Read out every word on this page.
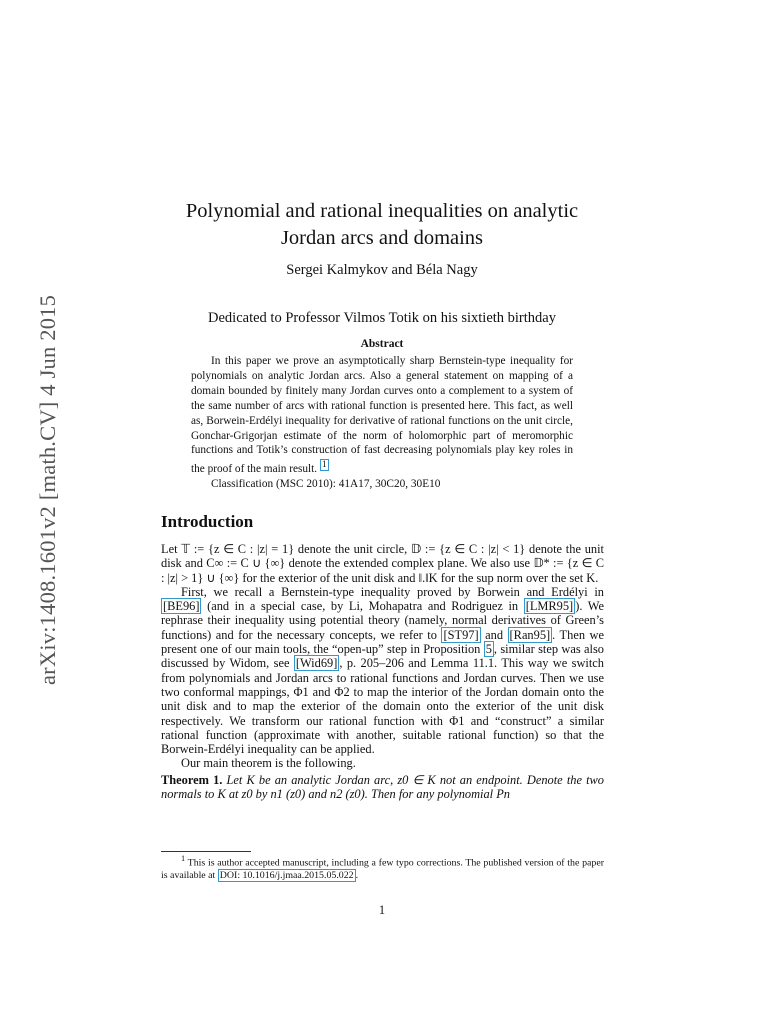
arXiv:1408.1601v2 [math.CV] 4 Jun 2015
Polynomial and rational inequalities on analytic
Jordan arcs and domains
Sergei Kalmykov and Béla Nagy
Dedicated to Professor Vilmos Totik on his sixtieth birthday
Abstract

In this paper we prove an asymptotically sharp Bernstein-type inequality for polynomials on analytic Jordan arcs. Also a general statement on mapping of a domain bounded by finitely many Jordan curves onto a complement to a system of the same number of arcs with rational function is presented here. This fact, as well as, Borwein-Erdélyi inequality for derivative of rational functions on the unit circle, Gonchar-Grigorjan estimate of the norm of holomorphic part of meromorphic functions and Totik’s construction of fast decreasing polynomials play key roles in the proof of the main result. $^1$

Classification (MSC 2010): 41A17, 30C20, 30E10

Introduction

Let 𝕋 := {z ∈ C : |z| = 1} denote the unit circle, 𝔻 := {z ∈ C : |z| < 1} denote the unit disk and C∞ := C ∪ {∞} denote the extended complex plane. We also use 𝔻* := {z ∈ C : |z| > 1} ∪ {∞} for the exterior of the unit disk and ‖.‖K for the sup norm over the set K.

First, we recall a Bernstein-type inequality proved by Borwein and Erdélyi in [BE96] (and in a special case, by Li, Mohapatra and Rodriguez in [LMR95] ). We rephrase their inequality using potential theory (namely, normal derivatives of Green’s functions) and for the necessary concepts, we refer to [ST97] and [Ran95] . Then we present one of our main tools, the “open-up” step in Proposition 5 , similar step was also discussed by Widom, see [Wid69] , p. 205–206 and Lemma 11.1. This way we switch from polynomials and Jordan arcs to rational functions and Jordan curves. Then we use two conformal mappings, Φ1 and Φ2 to map the interior of the Jordan domain onto the unit disk and to map the exterior of the domain onto the exterior of the unit disk respectively. We transform our rational function with Φ1 and “construct” a similar rational function (approximate with another, suitable rational function) so that the Borwein-Erdélyi inequality can be applied.

Our main theorem is the following.

Theorem 1. Let K be an analytic Jordan arc, z0 ∈ K not an endpoint. Denote the two normals to K at z0 by n1 (z0) and n2 (z0). Then for any polynomial Pn

$^1$ This is author accepted manuscript, including a few typo corrections. The published version of the paper is available at DOI: 10.1016/j.jmaa.2015.05.022 .

1
